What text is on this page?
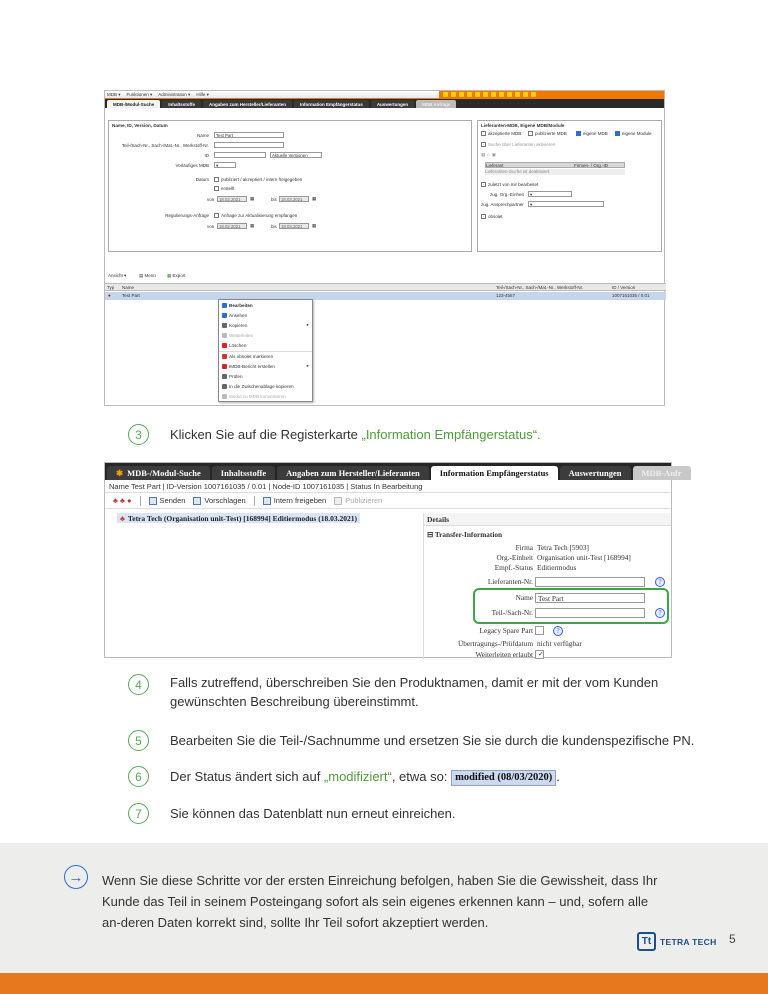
MDB ▾ Funktionen ▾ Administration ▾ Hilfe ▾
MDB-/Modul-Suche	Inhaltsstoffe	Angaben zum Hersteller/Lieferanten	Information Empfängerstatus	Auswertungen	MDB Anfrage
Name, ID, Version, Datum
Name	Test Part
Teil-/Sach-Nr., Sach-/Mat.-Nr., Werkstoff-Nr.
ID	Aktuelle Versionen
Vorläufiges MDB	▾
Datum	publiziert / akzeptiert / intern freigegeben
erstellt
von	18.02.2021	▦	bis 18.03.2021	▦
Regulierungs-Anfrage	Anfrage zur Aktualisierung empfangen
von	18.02.2021	▦	bis 18.03.2021	▦
Lieferanten-MDB, Eigene MDB/Module
akzeptierte MDB	publizierte MDB	eigene MDB	eigene Module
Suche über Lieferanten aktivieren
▦ ☆ ▣
Lieferant	Firmen- / Org.-ID
Lieferanten-Suche ist deaktiviert.
zuletzt von mir bearbeitet
zug. Org.-Einheit	▾
zug. Ansprechpartner	▾
obsolet
Ansicht ▾	▤ Menü ▦ Export
Typ Name	Teil-/Sach-Nr., Sach-/Mat.-Nr., Werkstoff-Nr.	ID / Version
●	Test Part	123-4567	1007161035 / 0.01
Bearbeiten
Ansehen
Kopieren	▸
Weiterleiten
Löschen
Als obsolet markieren
IMDB-Bericht erstellen	▸
Prüfen
In die Zwischenablage kopieren
Modul zu MDB konvertieren
3	Klicken Sie auf die Registerkarte „Information Empfängerstatus“.
✱ MDB-/Modul-Suche	Inhaltsstoffe	Angaben zum Hersteller/Lieferanten	Information Empfängerstatus	Auswertungen	MDB-Anfr
Name Test Part | ID-Version 1007161035 / 0.01 | Node-ID 1007161035 | Status In Bearbeitung
♣ ♣ ●	Senden	Vorschlagen	Intern freigeben	Publizieren
♣ Tetra Tech (Organisation unit-Test) [168994] Editiermodus (18.03.2021)	Details
⊟ Transfer-Information
Firma Tetra Tech [5903]
Org.-Einheit Organisation unit-Test [168994]
Empf.-Status Editiermodus
Lieferanten-Nr.	?
Name Test Part
Teil-/Sach-Nr.	?
Legacy Spare Part	?
Übertragungs-/Prüfdatum nicht verfügbar
Weiterleiten erlaubt ✓
4	Falls zutreffend, überschreiben Sie den Produktnamen, damit er mit der vom Kunden gewünschten Beschreibung übereinstimmt.
5	Bearbeiten Sie die Teil-/Sachnumme und ersetzen Sie sie durch die kundenspezifische PN.
6	Der Status ändert sich auf „modifiziert“, etwa so: modified (08/03/2020) .
7	Sie können das Datenblatt nun erneut einreichen.
→	Wenn Sie diese Schritte vor der ersten Einreichung befolgen, haben Sie die Gewissheit, dass Ihr Kunde das Teil in seinem Posteingang sofort als sein eigenes erkennen kann – und, sofern alle an-deren Daten korrekt sind, sollte Ihr Teil sofort akzeptiert werden.
Tt	TETRA TECH 5
